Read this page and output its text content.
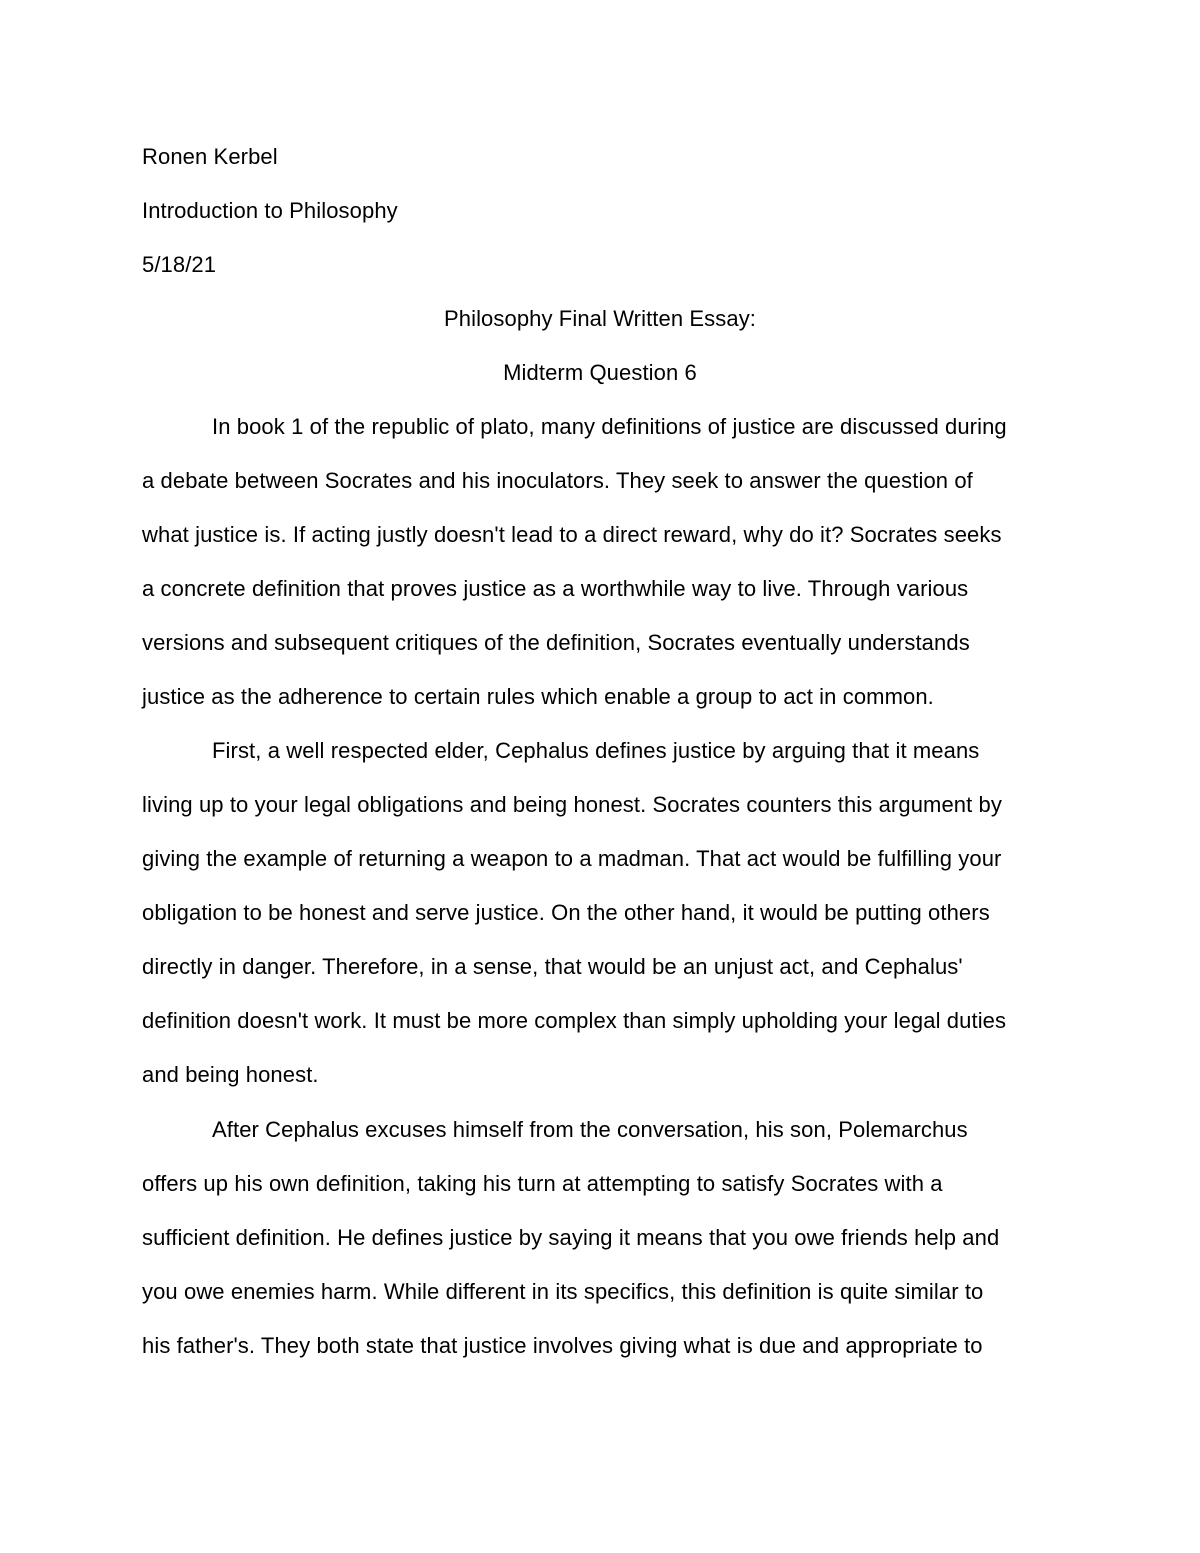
Ronen Kerbel
Introduction to Philosophy
5/18/21
Philosophy Final Written Essay:
Midterm Question 6
In book 1 of the republic of plato, many definitions of justice are discussed during
a debate between Socrates and his inoculators. They seek to answer the question of
what justice is. If acting justly doesn't lead to a direct reward, why do it? Socrates seeks
a concrete definition that proves justice as a worthwhile way to live. Through various
versions and subsequent critiques of the definition, Socrates eventually understands
justice as the adherence to certain rules which enable a group to act in common.
First, a well respected elder, Cephalus defines justice by arguing that it means
living up to your legal obligations and being honest. Socrates counters this argument by
giving the example of returning a weapon to a madman. That act would be fulfilling your
obligation to be honest and serve justice. On the other hand, it would be putting others
directly in danger. Therefore, in a sense, that would be an unjust act, and Cephalus'
definition doesn't work. It must be more complex than simply upholding your legal duties
and being honest.
After Cephalus excuses himself from the conversation, his son, Polemarchus
offers up his own definition, taking his turn at attempting to satisfy Socrates with a
sufficient definition. He defines justice by saying it means that you owe friends help and
you owe enemies harm. While different in its specifics, this definition is quite similar to
his father's. They both state that justice involves giving what is due and appropriate to
